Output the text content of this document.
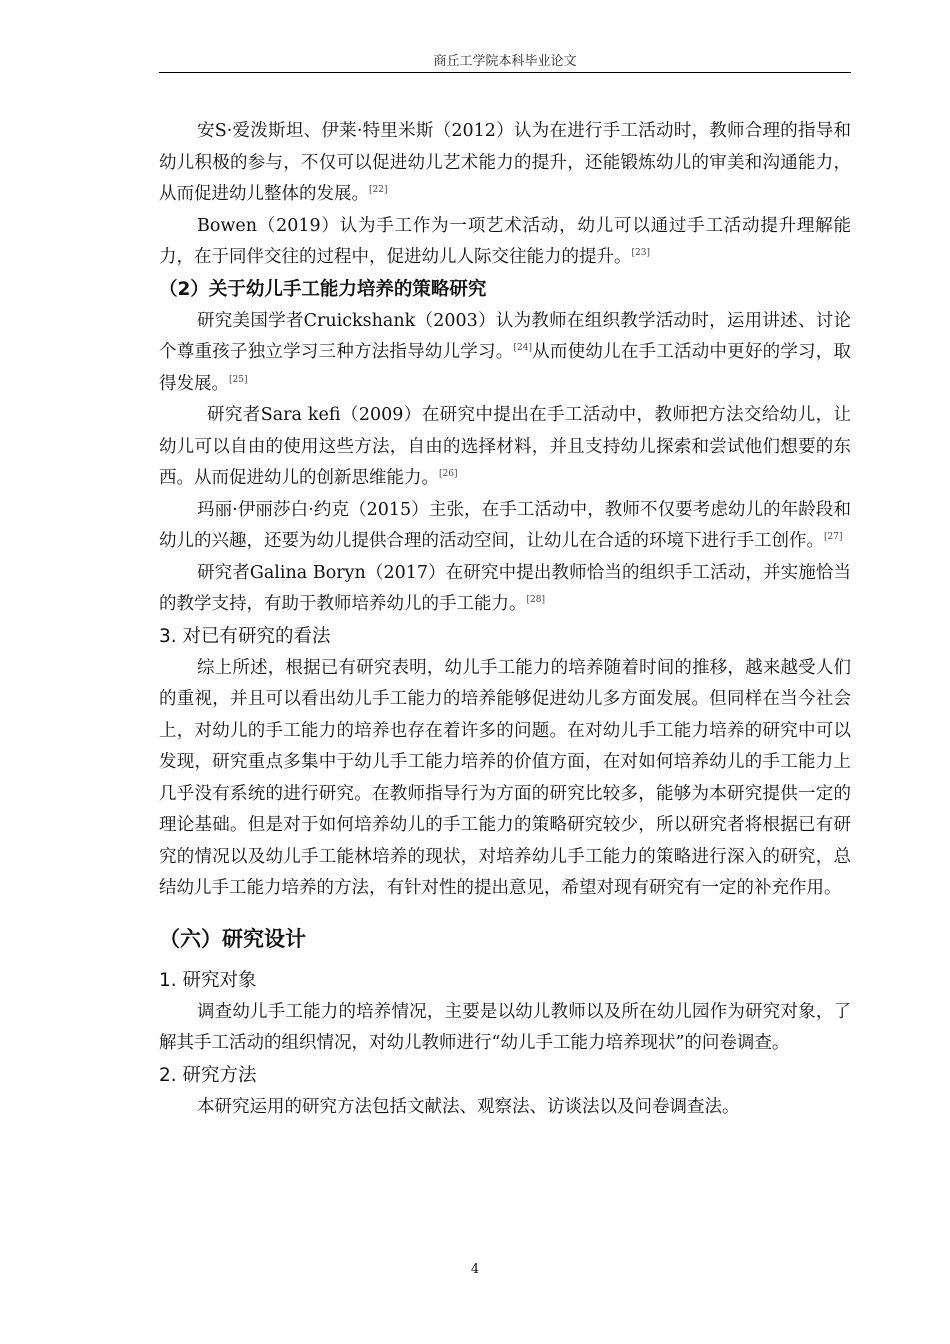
商丘工学院本科毕业论文

安S·爱泼斯坦、伊莱·特里米斯（2012）认为在进行手工活动时，教师合理的指导和幼儿积极的参与，不仅可以促进幼儿艺术能力的提升，还能锻炼幼儿的审美和沟通能力，从而促进幼儿整体的发展。[22]

Bowen（2019）认为手工作为一项艺术活动，幼儿可以通过手工活动提升理解能力，在于同伴交往的过程中，促进幼儿人际交往能力的提升。[23]

（2）关于幼儿手工能力培养的策略研究

研究美国学者Cruickshank（2003）认为教师在组织教学活动时，运用讲述、讨论个尊重孩子独立学习三种方法指导幼儿学习。[24]从而使幼儿在手工活动中更好的学习，取得发展。[25]

研究者Sara kefi（2009）在研究中提出在手工活动中，教师把方法交给幼儿，让幼儿可以自由的使用这些方法，自由的选择材料，并且支持幼儿探索和尝试他们想要的东西。从而促进幼儿的创新思维能力。[26]

玛丽·伊丽莎白·约克（2015）主张，在手工活动中，教师不仅要考虑幼儿的年龄段和幼儿的兴趣，还要为幼儿提供合理的活动空间，让幼儿在合适的环境下进行手工创作。[27]

研究者Galina Boryn（2017）在研究中提出教师恰当的组织手工活动，并实施恰当的教学支持，有助于教师培养幼儿的手工能力。[28]

3. 对已有研究的看法

综上所述，根据已有研究表明，幼儿手工能力的培养随着时间的推移，越来越受人们的重视，并且可以看出幼儿手工能力的培养能够促进幼儿多方面发展。但同样在当今社会上，对幼儿的手工能力的培养也存在着许多的问题。在对幼儿手工能力培养的研究中可以发现，研究重点多集中于幼儿手工能力培养的价值方面，在对如何培养幼儿的手工能力上几乎没有系统的进行研究。在教师指导行为方面的研究比较多，能够为本研究提供一定的理论基础。但是对于如何培养幼儿的手工能力的策略研究较少，所以研究者将根据已有研究的情况以及幼儿手工能林培养的现状，对培养幼儿手工能力的策略进行深入的研究，总结幼儿手工能力培养的方法，有针对性的提出意见，希望对现有研究有一定的补充作用。

（六）研究设计
1. 研究对象

调查幼儿手工能力的培养情况，主要是以幼儿教师以及所在幼儿园作为研究对象，了解其手工活动的组织情况，对幼儿教师进行“幼儿手工能力培养现状”的问卷调查。

2. 研究方法

本研究运用的研究方法包括文献法、观察法、访谈法以及问卷调查法。

4
